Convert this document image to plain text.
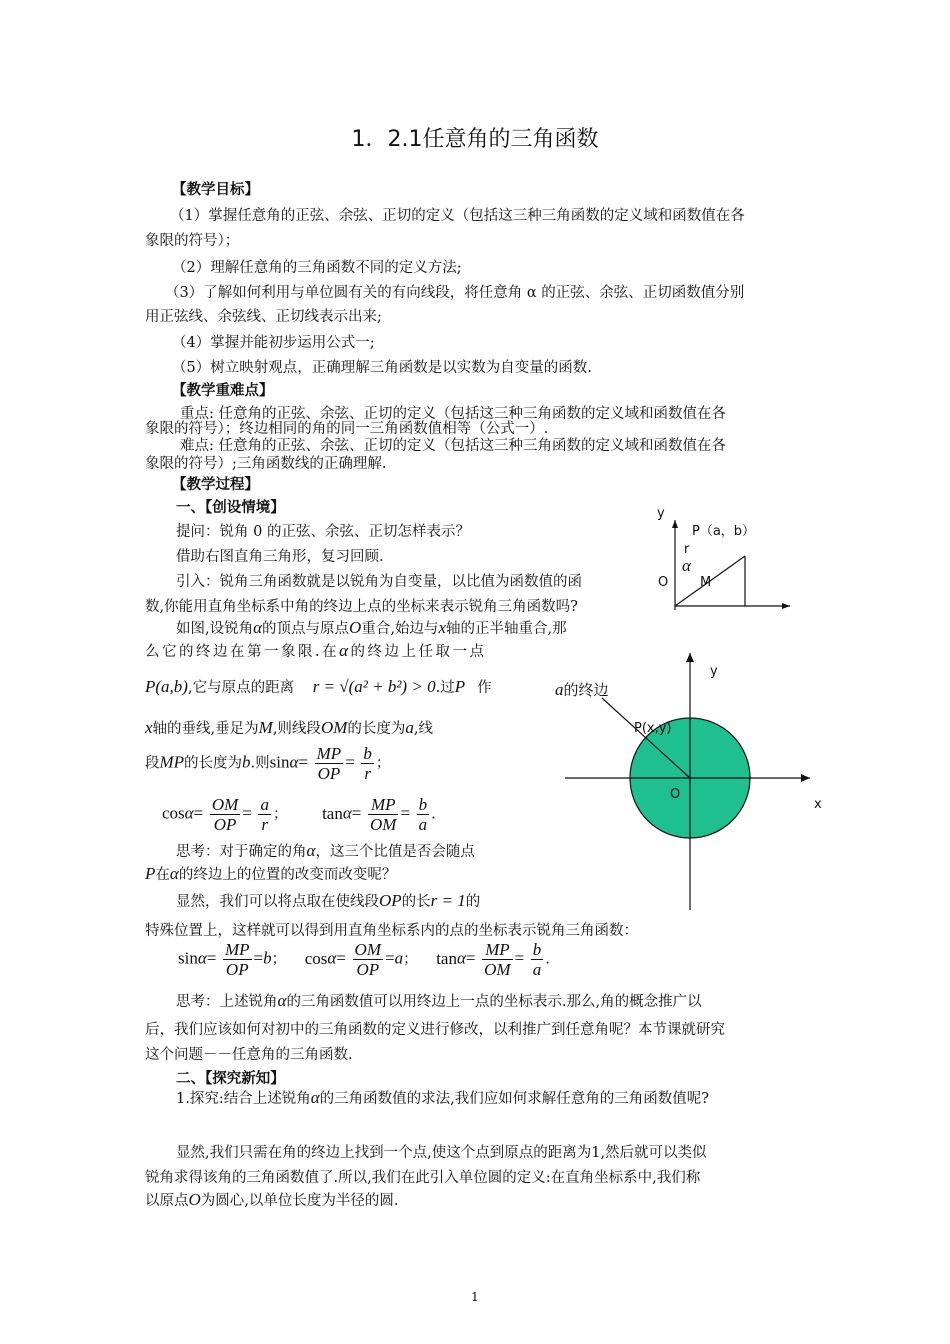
1．2.1任意角的三角函数
【教学目标】
（1）掌握任意角的正弦、余弦、正切的定义（包括这三种三角函数的定义域和函数值在各
象限的符号）；
（2）理解任意角的三角函数不同的定义方法;
（3）了解如何利用与单位圆有关的有向线段，将任意角 α 的正弦、余弦、正切函数值分别
用正弦线、余弦线、正切线表示出来;
（4）掌握并能初步运用公式一;
（5）树立映射观点，正确理解三角函数是以实数为自变量的函数.
【教学重难点】
重点: 任意角的正弦、余弦、正切的定义（包括这三种三角函数的定义域和函数值在各
象限的符号）；终边相同的角的同一三角函数值相等（公式一）.
难点: 任意角的正弦、余弦、正切的定义（包括这三种三角函数的定义域和函数值在各
象限的符号）;三角函数线的正确理解.
【教学过程】
一、【创设情境】
提问：锐角 0 的正弦、余弦、正切怎样表示？
借助右图直角三角形，复习回顾.
引入：锐角三角函数就是以锐角为自变量，以比值为函数值的函
数,你能用直角坐标系中角的终边上点的坐标来表示锐角三角函数吗?
如图,设锐角α的顶点与原点O重合,始边与x轴的正半轴重合,那
么它的终边在第一象限.在α的终边上任取一点
P(a,b),它与原点的距离 r = √(a² + b²) > 0.过P 作
x轴的垂线,垂足为M,则线段OM的长度为a,线
段MP的长度为b.则$\sin\alpha= \frac{MP}{OP} = \frac{b}{r}$ ；
$\cos\alpha= \frac{OM}{OP} = \frac{a}{r}$ ； $\tan\alpha= \frac{MP}{OM} = \frac{b}{a}$ .
思考：对于确定的角α，这三个比值是否会随点
P在α的终边上的位置的改变而改变呢？
显然，我们可以将点取在使线段OP的长r = 1的
特殊位置上，这样就可以得到用直角坐标系内的点的坐标表示锐角三角函数：
$\sin\alpha= \frac{MP}{OP} =b$； $\cos\alpha= \frac{OM}{OP} =a$； $\tan\alpha= \frac{MP}{OM} = \frac{b}{a}$ .
思考：上述锐角α的三角函数值可以用终边上一点的坐标表示.那么,角的概念推广以
后，我们应该如何对初中的三角函数的定义进行修改，以利推广到任意角呢？本节课就研究
这个问题－－任意角的三角函数.
二、【探究新知】
1.探究:结合上述锐角α的三角函数值的求法,我们应如何求解任意角的三角函数值呢?
显然,我们只需在角的终边上找到一个点,使这个点到原点的距离为1,然后就可以类似
锐角求得该角的三角函数值了.所以,我们在此引入单位圆的定义:在直角坐标系中,我们称
以原点O为圆心,以单位长度为半径的圆.
y
P（a，b）
r
α
O M
y
x
O
P(x,y)
a的终边
1
